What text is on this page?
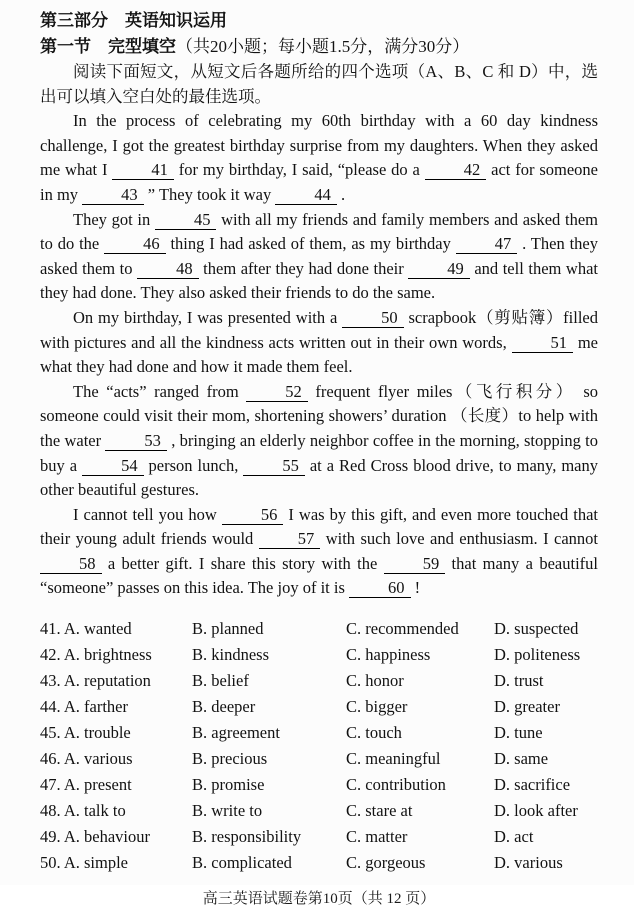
第三部分　英语知识运用
第一节　完型填空（共20小题；每小题1.5分，满分30分）
阅读下面短文，从短文后各题所给的四个选项（A、B、C 和 D）中，选出可以填入空白处的最佳选项。

In the process of celebrating my 60th birthday with a 60 day kindness challenge, I got the greatest birthday surprise from my daughters. When they asked me what I 41 for my birthday, I said, “please do a 42 act for someone in my 43 ” They took it way 44 .

They got in 45 with all my friends and family members and asked them to do the 46 thing I had asked of them, as my birthday 47 . Then they asked them to 48 them after they had done their 49 and tell them what they had done. They also asked their friends to do the same.

On my birthday, I was presented with a 50 scrapbook（剪贴簿）filled with pictures and all the kindness acts written out in their own words, 51 me what they had done and how it made them feel.

The “acts” ranged from 52 frequent flyer miles（飞行积分） so someone could visit their mom, shortening showers’ duration （长度）to help with the water 53 , bringing an elderly neighbor coffee in the morning, stopping to buy a 54 person lunch, 55 at a Red Cross blood drive, to many, many other beautiful gestures.

I cannot tell you how 56 I was by this gift, and even more touched that their young adult friends would 57 with such love and enthusiasm. I cannot 58 a better gift. I share this story with the 59 that many a beautiful “someone” passes on this idea. The joy of it is 60 !

41. A. wanted	B. planned	C. recommended	D. suspected
42. A. brightness	B. kindness	C. happiness	D. politeness
43. A. reputation	B. belief	C. honor	D. trust
44. A. farther	B. deeper	C. bigger	D. greater
45. A. trouble	B. agreement	C. touch	D. tune
46. A. various	B. precious	C. meaningful	D. same
47. A. present	B. promise	C. contribution	D. sacrifice
48. A. talk to	B. write to	C. stare at	D. look after
49. A. behaviour	B. responsibility	C. matter	D. act
50. A. simple	B. complicated	C. gorgeous	D. various
高三英语试题卷第10页（共 12 页）
